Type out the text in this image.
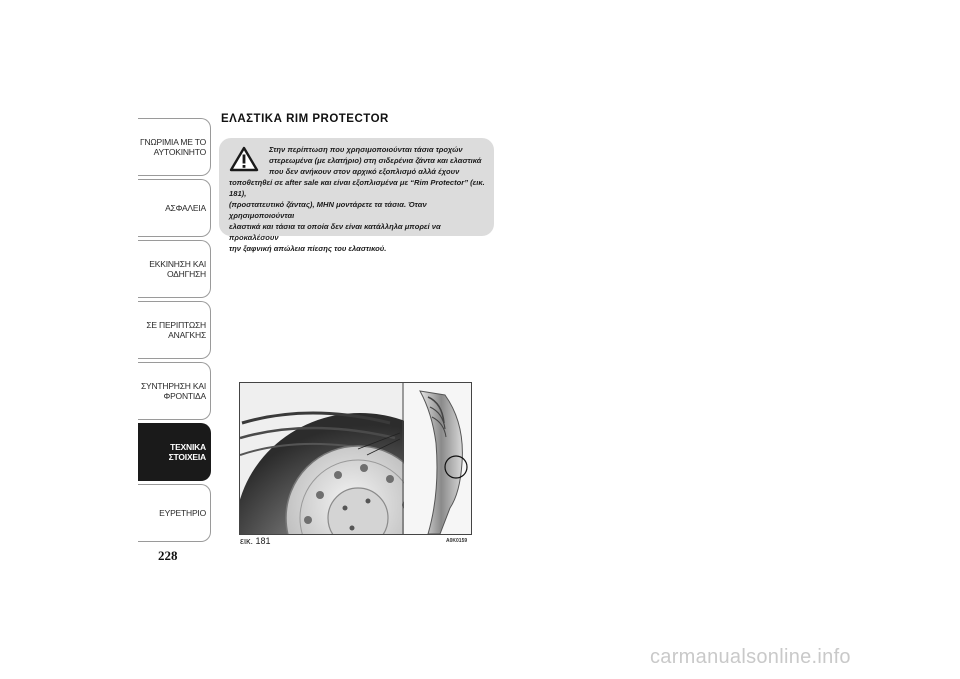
ΓΝΩΡΙΜΙΑ ΜΕ ΤΟ
ΑΥΤΟΚΙΝΗΤΟ
ΑΣΦΑΛΕΙΑ
ΕΚΚΙΝΗΣΗ ΚΑΙ
ΟΔΗΓΗΣΗ
ΣΕ ΠΕΡΙΠΤΩΣΗ
ΑΝΑΓΚΗΣ
ΣΥΝΤΗΡΗΣΗ ΚΑΙ
ΦΡΟΝΤΙΔΑ
ΤΕΧΝΙΚΑ
ΣΤΟΙΧΕΙΑ
ΕΥΡΕΤΗΡΙΟ
228
ΕΛΑΣΤΙΚΑ RIM PROTECTOR
Στην περίπτωση που χρησιμοποιούνται τάσια τροχών
στερεωμένα (με ελατήριο) στη σιδερένια ζάντα και ελαστικά
που δεν ανήκουν στον αρχικό εξοπλισμό αλλά έχουν
τοποθετηθεί σε after sale και είναι εξοπλισμένα με “Rim Protector” (εικ. 181),
(προστατευτικό ζάντας), ΜΗΝ μοντάρετε τα τάσια. Όταν χρησιμοποιούνται
ελαστικά και τάσια τα οποία δεν είναι κατάλληλα μπορεί να προκαλέσουν
την ξαφνική απώλεια πίεσης του ελαστικού.
εικ. 181	A0K0159
carmanualsonline.info
